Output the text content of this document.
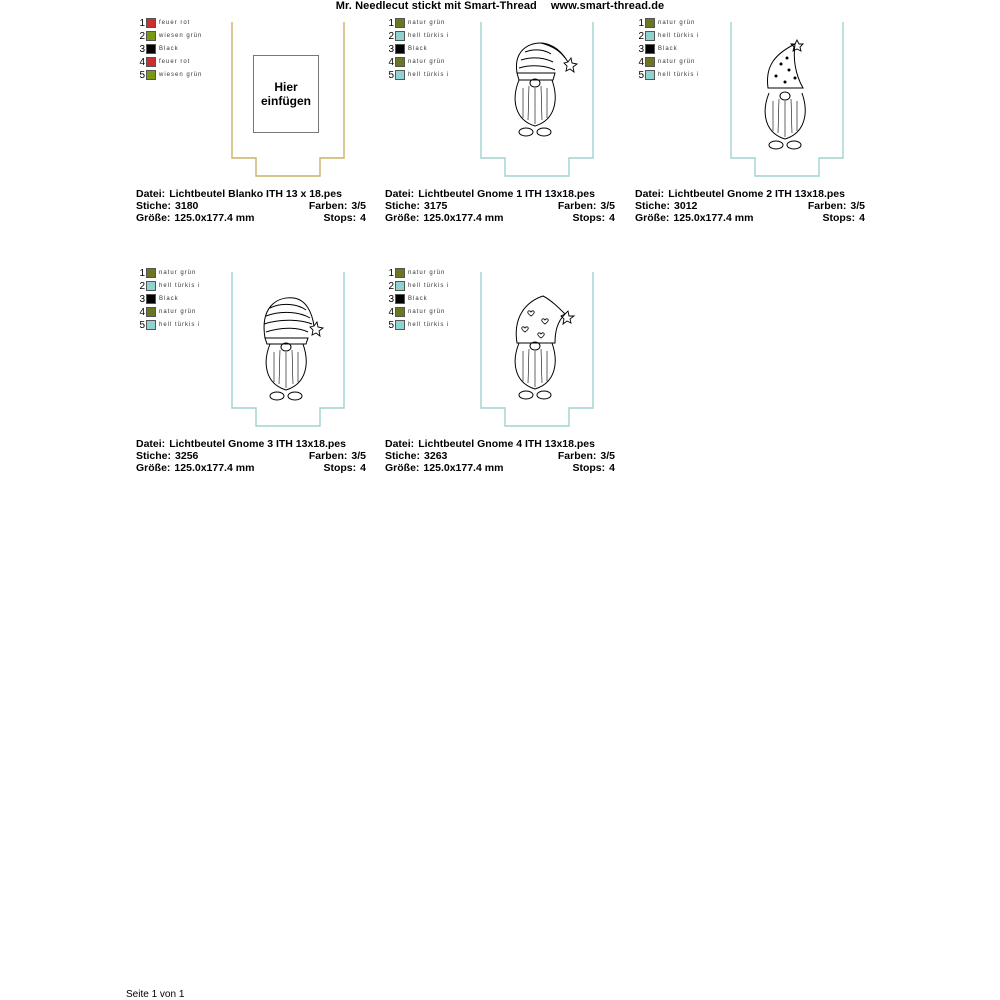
Mr. Needlecut stickt mit Smart-Thread www.smart-thread.de
Hier
einfügen
1 feuer rot
2 wiesen grün
3 Black
4 feuer rot
5 wiesen grün
Datei: Lichtbeutel Blanko ITH 13 x 18.pes
Stiche: 3180	Farben: 3/5
Größe: 125.0x177.4 mm	Stops: 4
1 natur grün
2 hell türkis i
3 Black
4 natur grün
5 hell türkis i
Datei: Lichtbeutel Gnome 1 ITH 13x18.pes
Stiche: 3175	Farben: 3/5
Größe: 125.0x177.4 mm	Stops: 4
1 natur grün
2 hell türkis i
3 Black
4 natur grün
5 hell türkis i
Datei: Lichtbeutel Gnome 2 ITH 13x18.pes
Stiche: 3012	Farben: 3/5
Größe: 125.0x177.4 mm	Stops: 4
1 natur grün
2 hell türkis i
3 Black
4 natur grün
5 hell türkis i
Datei: Lichtbeutel Gnome 3 ITH 13x18.pes
Stiche: 3256	Farben: 3/5
Größe: 125.0x177.4 mm	Stops: 4
1 natur grün
2 hell türkis i
3 Black
4 natur grün
5 hell türkis i
Datei: Lichtbeutel Gnome 4 ITH 13x18.pes
Stiche: 3263	Farben: 3/5
Größe: 125.0x177.4 mm	Stops: 4
Seite 1 von 1
